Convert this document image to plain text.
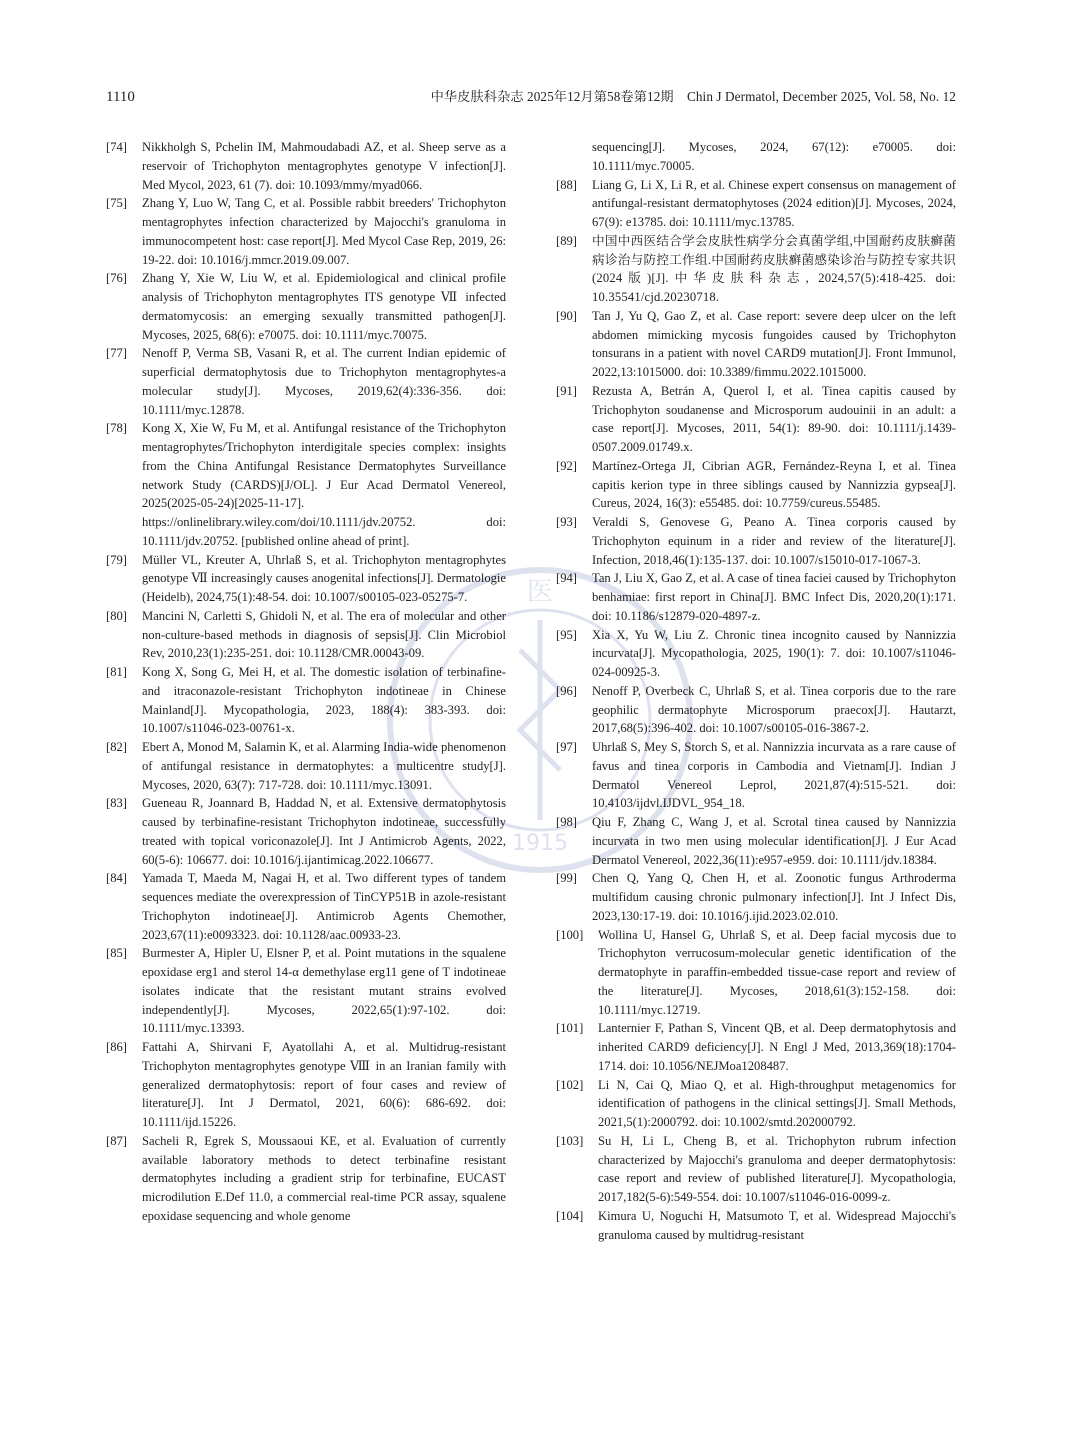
1110	中华皮肤科杂志 2025年12月第58卷第12期　Chin J Dermatol, December 2025, Vol. 58, No. 12
医
1915
[74]	Nikkholgh S, Pchelin IM, Mahmoudabadi AZ, et al. Sheep serve as a reservoir of Trichophyton mentagrophytes genotype V infection[J]. Med Mycol, 2023, 61 (7). doi: 10.1093/mmy/myad066.
[75]	Zhang Y, Luo W, Tang C, et al. Possible rabbit breeders' Trichophyton mentagrophytes infection characterized by Majocchi's granuloma in immunocompetent host: case report[J]. Med Mycol Case Rep, 2019, 26: 19-22. doi: 10.1016/j.mmcr.2019.09.007.
[76]	Zhang Y, Xie W, Liu W, et al. Epidemiological and clinical profile analysis of Trichophyton mentagrophytes ITS genotype Ⅶ infected dermatomycosis: an emerging sexually transmitted pathogen[J]. Mycoses, 2025, 68(6): e70075. doi: 10.1111/myc.70075.
[77]	Nenoff P, Verma SB, Vasani R, et al. The current Indian epidemic of superficial dermatophytosis due to Trichophyton mentagrophytes-a molecular study[J]. Mycoses, 2019,62(4):336-356. doi: 10.1111/myc.12878.
[78]	Kong X, Xie W, Fu M, et al. Antifungal resistance of the Trichophyton mentagrophytes/Trichophyton interdigitale species complex: insights from the China Antifungal Resistance Dermatophytes Surveillance network Study (CARDS)[J/OL]. J Eur Acad Dermatol Venereol, 2025(2025-05-24)[2025-11-17]. https://onlinelibrary.wiley.com/doi/10.1111/jdv.20752. doi: 10.1111/jdv.20752. [published online ahead of print].
[79]	Müller VL, Kreuter A, Uhrlaß S, et al. Trichophyton mentagrophytes genotype Ⅶ increasingly causes anogenital infections[J]. Dermatologie (Heidelb), 2024,75(1):48-54. doi: 10.1007/s00105-023-05275-7.
[80]	Mancini N, Carletti S, Ghidoli N, et al. The era of molecular and other non-culture-based methods in diagnosis of sepsis[J]. Clin Microbiol Rev, 2010,23(1):235-251. doi: 10.1128/CMR.00043-09.
[81]	Kong X, Song G, Mei H, et al. The domestic isolation of terbinafine- and itraconazole-resistant Trichophyton indotineae in Chinese Mainland[J]. Mycopathologia, 2023, 188(4): 383-393. doi: 10.1007/s11046-023-00761-x.
[82]	Ebert A, Monod M, Salamin K, et al. Alarming India-wide phenomenon of antifungal resistance in dermatophytes: a multicentre study[J]. Mycoses, 2020, 63(7): 717-728. doi: 10.1111/myc.13091.
[83]	Gueneau R, Joannard B, Haddad N, et al. Extensive dermatophytosis caused by terbinafine-resistant Trichophyton indotineae, successfully treated with topical voriconazole[J]. Int J Antimicrob Agents, 2022, 60(5-6): 106677. doi: 10.1016/j.ijantimicag.2022.106677.
[84]	Yamada T, Maeda M, Nagai H, et al. Two different types of tandem sequences mediate the overexpression of TinCYP51B in azole-resistant Trichophyton indotineae[J]. Antimicrob Agents Chemother, 2023,67(11):e0093323. doi: 10.1128/aac.00933-23.
[85]	Burmester A, Hipler U, Elsner P, et al. Point mutations in the squalene epoxidase erg1 and sterol 14-α demethylase erg11 gene of T indotineae isolates indicate that the resistant mutant strains evolved independently[J]. Mycoses, 2022,65(1):97-102. doi: 10.1111/myc.13393.
[86]	Fattahi A, Shirvani F, Ayatollahi A, et al. Multidrug-resistant Trichophyton mentagrophytes genotype Ⅷ in an Iranian family with generalized dermatophytosis: report of four cases and review of literature[J]. Int J Dermatol, 2021, 60(6): 686-692. doi: 10.1111/ijd.15226.
[87]	Sacheli R, Egrek S, Moussaoui KE, et al. Evaluation of currently available laboratory methods to detect terbinafine resistant dermatophytes including a gradient strip for terbinafine, EUCAST microdilution E.Def 11.0, a commercial real-time PCR assay, squalene epoxidase sequencing and whole genome
sequencing[J]. Mycoses, 2024, 67(12): e70005. doi: 10.1111/myc.70005.
[88]	Liang G, Li X, Li R, et al. Chinese expert consensus on management of antifungal-resistant dermatophytoses (2024 edition)[J]. Mycoses, 2024, 67(9): e13785. doi: 10.1111/myc.13785.
[89]	中国中西医结合学会皮肤性病学分会真菌学组,中国耐药皮肤癣菌病诊治与防控工作组.中国耐药皮肤癣菌感染诊治与防控专家共识(2024版)[J].中华皮肤科杂志, 2024,57(5):418-425. doi: 10.35541/cjd.20230718.
[90]	Tan J, Yu Q, Gao Z, et al. Case report: severe deep ulcer on the left abdomen mimicking mycosis fungoides caused by Trichophyton tonsurans in a patient with novel CARD9 mutation[J]. Front Immunol, 2022,13:1015000. doi: 10.3389/fimmu.2022.1015000.
[91]	Rezusta A, Betrán A, Querol I, et al. Tinea capitis caused by Trichophyton soudanense and Microsporum audouinii in an adult: a case report[J]. Mycoses, 2011, 54(1): 89-90. doi: 10.1111/j.1439-0507.2009.01749.x.
[92]	Martínez-Ortega JI, Cibrian AGR, Fernández-Reyna I, et al. Tinea capitis kerion type in three siblings caused by Nannizzia gypsea[J]. Cureus, 2024, 16(3): e55485. doi: 10.7759/cureus.55485.
[93]	Veraldi S, Genovese G, Peano A. Tinea corporis caused by Trichophyton equinum in a rider and review of the literature[J]. Infection, 2018,46(1):135-137. doi: 10.1007/s15010-017-1067-3.
[94]	Tan J, Liu X, Gao Z, et al. A case of tinea faciei caused by Trichophyton benhamiae: first report in China[J]. BMC Infect Dis, 2020,20(1):171. doi: 10.1186/s12879-020-4897-z.
[95]	Xia X, Yu W, Liu Z. Chronic tinea incognito caused by Nannizzia incurvata[J]. Mycopathologia, 2025, 190(1): 7. doi: 10.1007/s11046-024-00925-3.
[96]	Nenoff P, Overbeck C, Uhrlaß S, et al. Tinea corporis due to the rare geophilic dermatophyte Microsporum praecox[J]. Hautarzt, 2017,68(5):396-402. doi: 10.1007/s00105-016-3867-2.
[97]	Uhrlaß S, Mey S, Storch S, et al. Nannizzia incurvata as a rare cause of favus and tinea corporis in Cambodia and Vietnam[J]. Indian J Dermatol Venereol Leprol, 2021,87(4):515-521. doi: 10.4103/ijdvl.IJDVL_954_18.
[98]	Qiu F, Zhang C, Wang J, et al. Scrotal tinea caused by Nannizzia incurvata in two men using molecular identification[J]. J Eur Acad Dermatol Venereol, 2022,36(11):e957-e959. doi: 10.1111/jdv.18384.
[99]	Chen Q, Yang Q, Chen H, et al. Zoonotic fungus Arthroderma multifidum causing chronic pulmonary infection[J]. Int J Infect Dis, 2023,130:17-19. doi: 10.1016/j.ijid.2023.02.010.
[100]	Wollina U, Hansel G, Uhrlaß S, et al. Deep facial mycosis due to Trichophyton verrucosum-molecular genetic identification of the dermatophyte in paraffin-embedded tissue-case report and review of the literature[J]. Mycoses, 2018,61(3):152-158. doi: 10.1111/myc.12719.
[101]	Lanternier F, Pathan S, Vincent QB, et al. Deep dermatophytosis and inherited CARD9 deficiency[J]. N Engl J Med, 2013,369(18):1704-1714. doi: 10.1056/NEJMoa1208487.
[102]	Li N, Cai Q, Miao Q, et al. High-throughput metagenomics for identification of pathogens in the clinical settings[J]. Small Methods, 2021,5(1):2000792. doi: 10.1002/smtd.202000792.
[103]	Su H, Li L, Cheng B, et al. Trichophyton rubrum infection characterized by Majocchi's granuloma and deeper dermatophytosis: case report and review of published literature[J]. Mycopathologia, 2017,182(5-6):549-554. doi: 10.1007/s11046-016-0099-z.
[104]	Kimura U, Noguchi H, Matsumoto T, et al. Widespread Majocchi's granuloma caused by multidrug-resistant
